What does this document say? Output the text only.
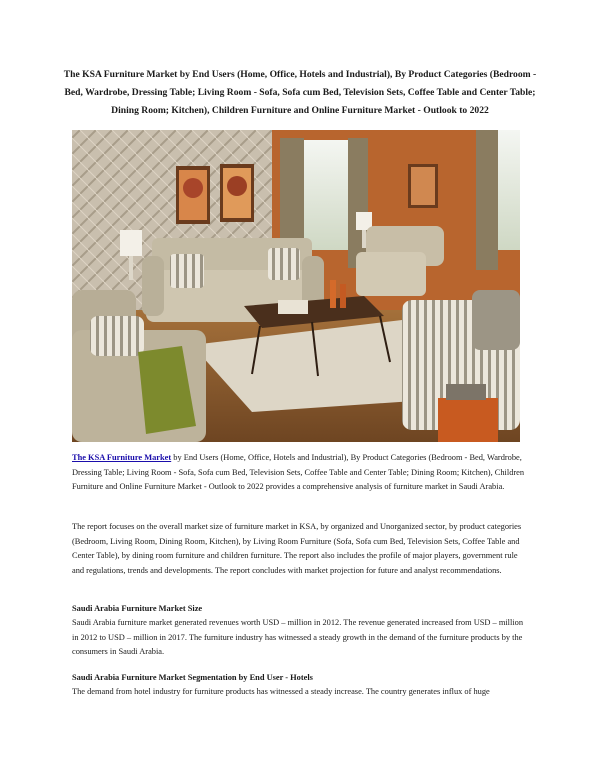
The KSA Furniture Market by End Users (Home, Office, Hotels and Industrial), By Product Categories (Bedroom - Bed, Wardrobe, Dressing Table; Living Room - Sofa, Sofa cum Bed, Television Sets, Coffee Table and Center Table; Dining Room; Kitchen), Children Furniture and Online Furniture Market - Outlook to 2022
The KSA Furniture Market by End Users (Home, Office, Hotels and Industrial), By Product Categories (Bedroom - Bed, Wardrobe, Dressing Table; Living Room - Sofa, Sofa cum Bed, Television Sets, Coffee Table and Center Table; Dining Room; Kitchen), Children Furniture and Online Furniture Market - Outlook to 2022 provides a comprehensive analysis of furniture market in Saudi Arabia.
The report focuses on the overall market size of furniture market in KSA, by organized and Unorganized sector, by product categories (Bedroom, Living Room, Dining Room, Kitchen), by Living Room Furniture (Sofa, Sofa cum Bed, Television Sets, Coffee Table and Center Table), by dining room furniture and children furniture. The report also includes the profile of major players, government rule and regulations, trends and developments. The report concludes with market projection for future and analyst recommendations.
Saudi Arabia Furniture Market Size
Saudi Arabia furniture market generated revenues worth USD – million in 2012. The revenue generated increased from USD – million in 2012 to USD – million in 2017. The furniture industry has witnessed a steady growth in the demand of the furniture products by the consumers in Saudi Arabia.
Saudi Arabia Furniture Market Segmentation by End User - Hotels
The demand from hotel industry for furniture products has witnessed a steady increase. The country generates influx of huge
